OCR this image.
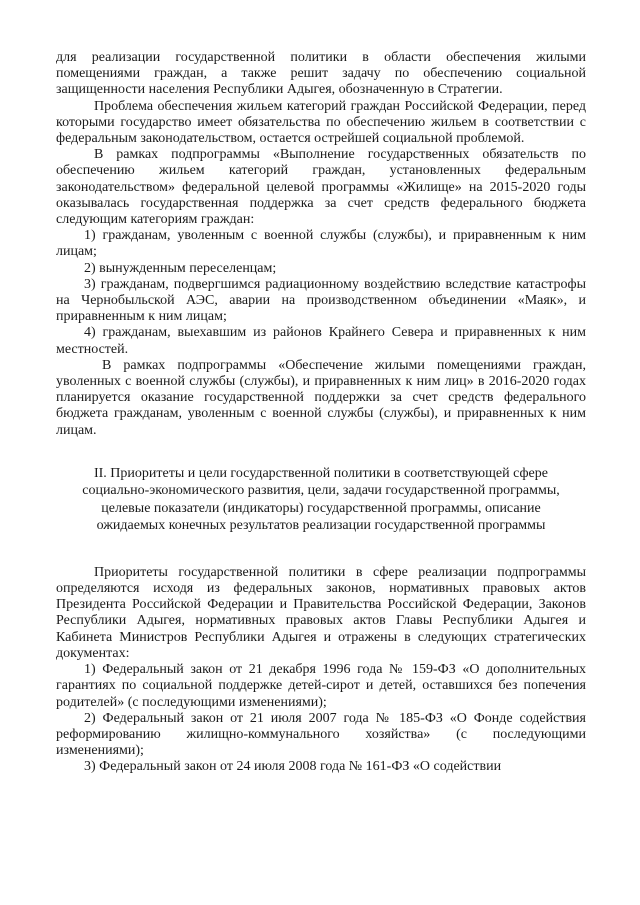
для реализации государственной политики в области обеспечения жилыми помещениями граждан, а также решит задачу по обеспечению социальной защищенности населения Республики Адыгея, обозначенную в Стратегии.

Проблема обеспечения жильем категорий граждан Российской Федерации, перед которыми государство имеет обязательства по обеспечению жильем в соответствии с федеральным законодательством, остается острейшей социальной проблемой.

В рамках подпрограммы «Выполнение государственных обязательств по обеспечению жильем категорий граждан, установленных федеральным законодательством» федеральной целевой программы «Жилище» на 2015-2020 годы оказывалась государственная поддержка за счет средств федерального бюджета следующим категориям граждан:

1) гражданам, уволенным с военной службы (службы), и приравненным к ним лицам;

2) вынужденным переселенцам;

3) гражданам, подвергшимся радиационному воздействию вследствие катастрофы на Чернобыльской АЭС, аварии на производственном объединении «Маяк», и приравненным к ним лицам;

4) гражданам, выехавшим из районов Крайнего Севера и приравненных к ним местностей.

В рамках подпрограммы «Обеспечение жилыми помещениями граждан, уволенных с военной службы (службы), и приравненных к ним лиц» в 2016-2020 годах планируется оказание государственной поддержки за счет средств федерального бюджета гражданам, уволенным с военной службы (службы), и приравненных к ним лицам.

II. Приоритеты и цели государственной политики в соответствующей сфере социально-экономического развития, цели, задачи государственной программы, целевые показатели (индикаторы) государственной программы, описание ожидаемых конечных результатов реализации государственной программы

Приоритеты государственной политики в сфере реализации подпрограммы определяются исходя из федеральных законов, нормативных правовых актов Президента Российской Федерации и Правительства Российской Федерации, Законов Республики Адыгея, нормативных правовых актов Главы Республики Адыгея и Кабинета Министров Республики Адыгея и отражены в следующих стратегических документах:

1) Федеральный закон от 21 декабря 1996 года № 159-ФЗ «О дополнительных гарантиях по социальной поддержке детей-сирот и детей, оставшихся без попечения родителей» (с последующими изменениями);

2) Федеральный закон от 21 июля 2007 года № 185-ФЗ «О Фонде содействия реформированию жилищно-коммунального хозяйства» (с последующими изменениями);

3) Федеральный закон от 24 июля 2008 года № 161-ФЗ «О содействии
